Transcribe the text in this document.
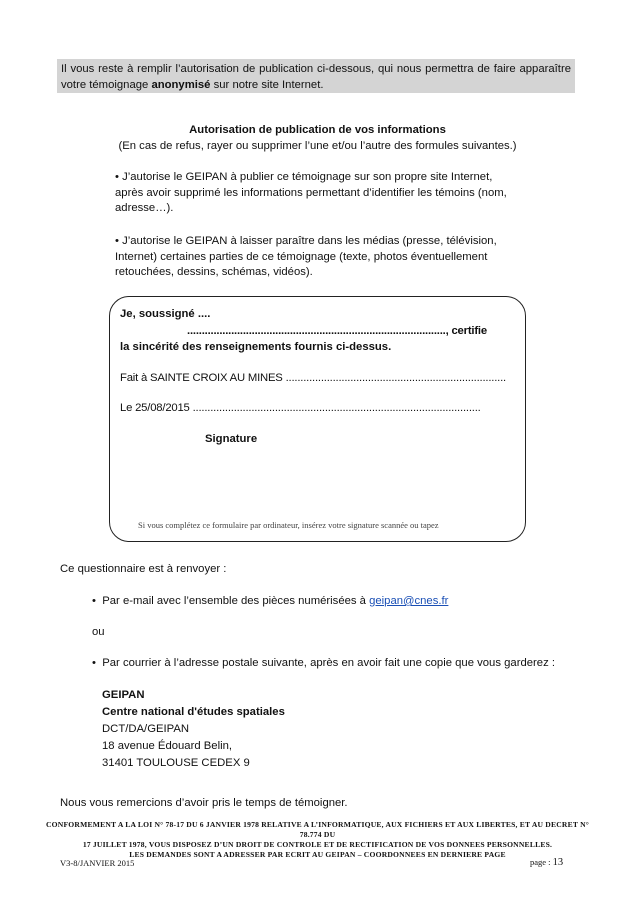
Il vous reste à remplir l’autorisation de publication ci-dessous, qui nous permettra de faire apparaître votre témoignage anonymisé sur notre site Internet.
Autorisation de publication de vos informations
(En cas de refus, rayer ou supprimer l’une et/ou l’autre des formules suivantes.)
• J’autorise le GEIPAN à publier ce témoignage sur son propre site Internet, après avoir supprimé les informations permettant d’identifier les témoins (nom, adresse…).
• J’autorise le GEIPAN à laisser paraître dans les médias (presse, télévision, Internet) certaines parties de ce témoignage (texte, photos éventuellement retouchées, dessins, schémas, vidéos).
Je, soussigné ....
........................................................................................, certifie
la sincérité des renseignements fournis ci-dessus.
Fait à SAINTE CROIX AU MINES ...........................................................................
Le 25/08/2015 ..................................................................................................
Signature
Si vous complétez ce formulaire par ordinateur, insérez votre signature scannée ou tapez
Ce questionnaire est à renvoyer :
•  Par e-mail avec l’ensemble des pièces numérisées à geipan@cnes.fr
ou
•  Par courrier à l’adresse postale suivante, après en avoir fait une copie que vous garderez :
GEIPAN
Centre national d'études spatiales
DCT/DA/GEIPAN
18 avenue Édouard Belin,
31401 TOULOUSE CEDEX 9
Nous vous remercions d’avoir pris le temps de témoigner.
CONFORMEMENT A LA LOI N° 78-17 DU 6 JANVIER 1978 RELATIVE A L’INFORMATIQUE, AUX FICHIERS ET AUX LIBERTES, ET AU DECRET N° 78.774 DU
17 JUILLET 1978, VOUS DISPOSEZ D’UN DROIT DE CONTROLE ET DE RECTIFICATION DE VOS DONNEES PERSONNELLES.
LES DEMANDES SONT A ADRESSER PAR ECRIT AU GEIPAN – COORDONNEES EN DERNIERE PAGE
V3-8/JANVIER 2015	page : 13
